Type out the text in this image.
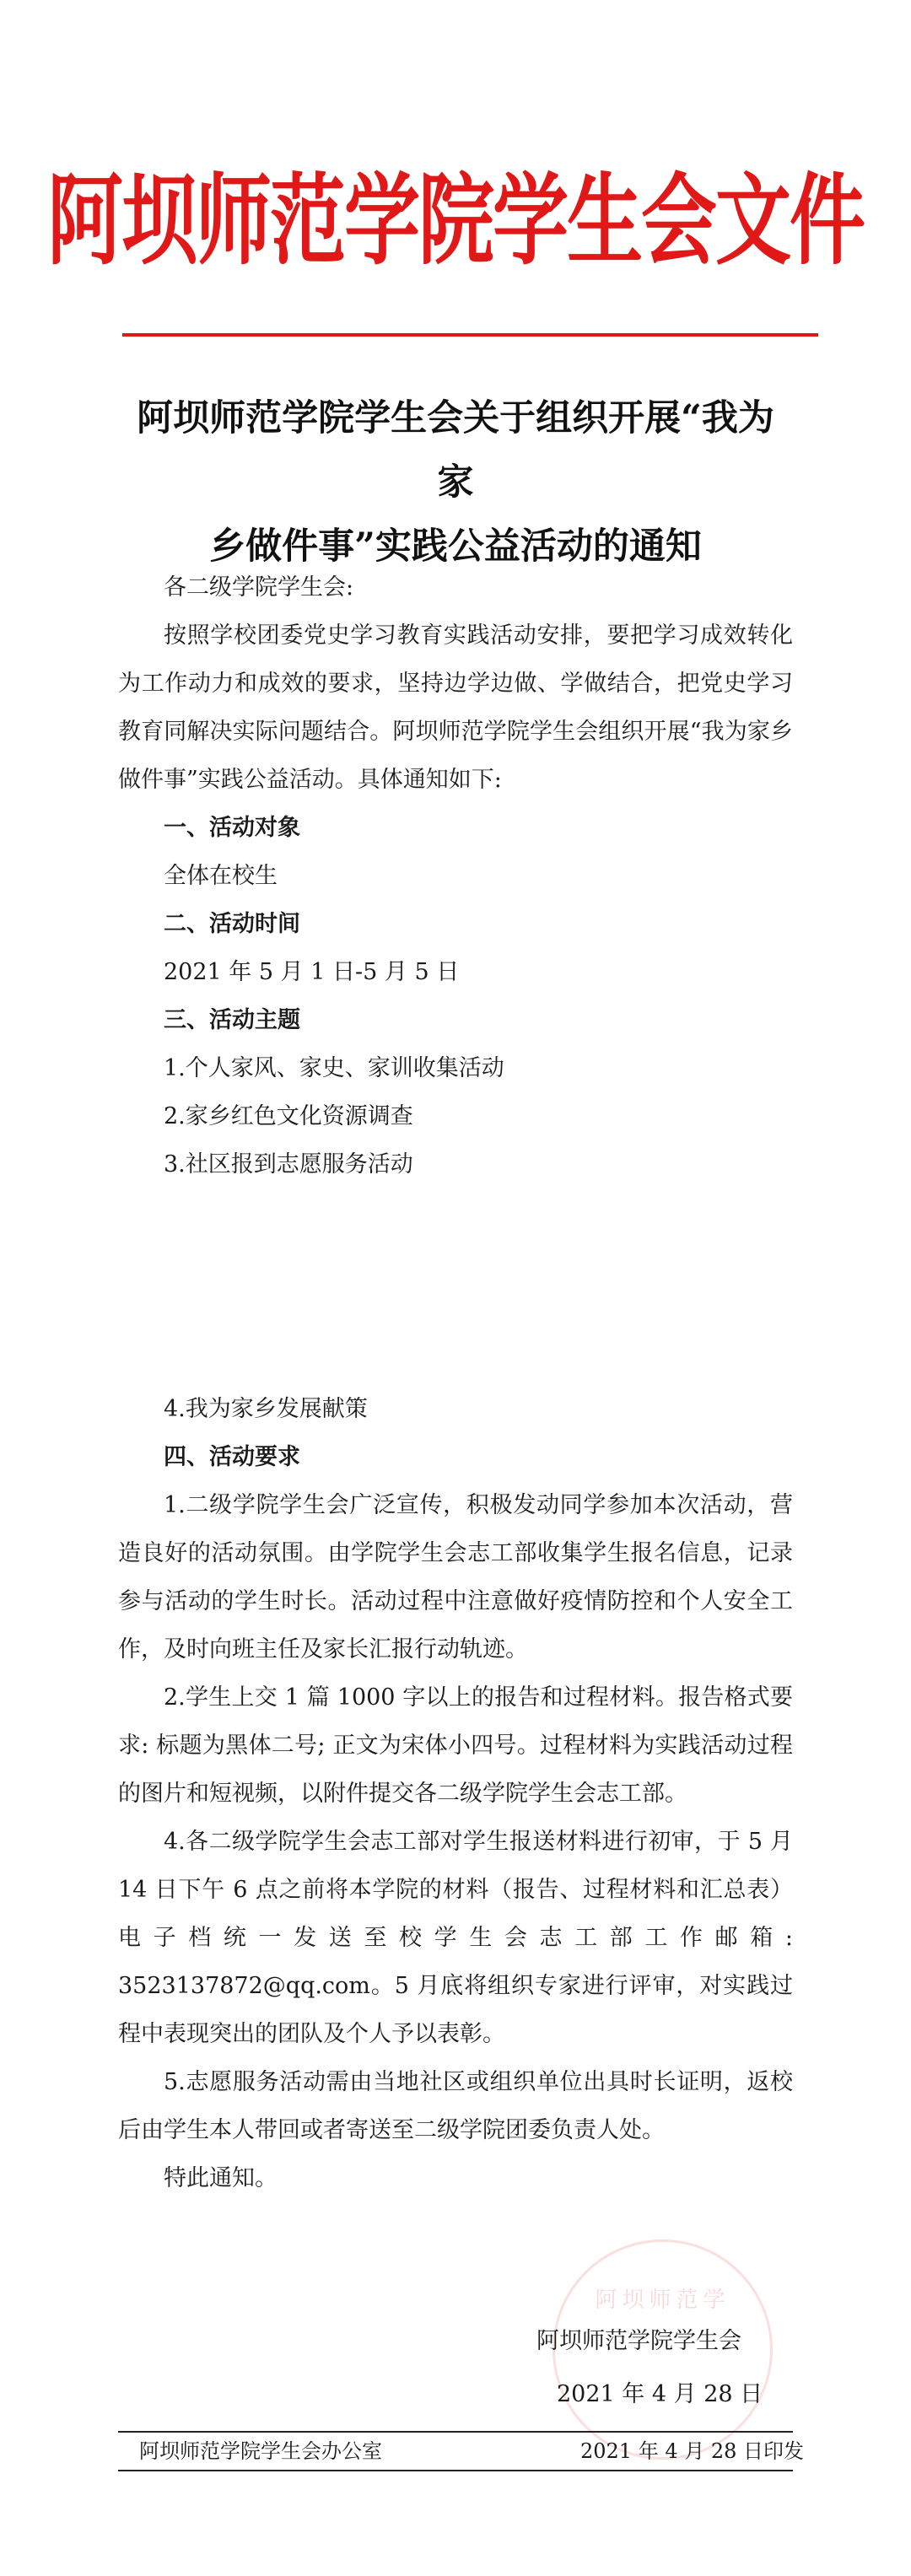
阿坝师范学院学生会文件
阿坝师范学院学生会关于组织开展“我为家
乡做件事”实践公益活动的通知

各二级学院学生会:

按照学校团委党史学习教育实践活动安排，要把学习成效转化为工作动力和成效的要求，坚持边学边做、学做结合，把党史学习教育同解决实际问题结合。阿坝师范学院学生会组织开展“我为家乡做件事”实践公益活动。具体通知如下:

一、活动对象

全体在校生

二、活动时间

2021 年 5 月 1 日-5 月 5 日

三、活动主题

1.个人家风、家史、家训收集活动

2.家乡红色文化资源调查

3.社区报到志愿服务活动

4.我为家乡发展献策

四、活动要求

1.二级学院学生会广泛宣传，积极发动同学参加本次活动，营造良好的活动氛围。由学院学生会志工部收集学生报名信息，记录参与活动的学生时长。活动过程中注意做好疫情防控和个人安全工作，及时向班主任及家长汇报行动轨迹。

2.学生上交 1 篇 1000 字以上的报告和过程材料。报告格式要求: 标题为黑体二号; 正文为宋体小四号。过程材料为实践活动过程的图片和短视频，以附件提交各二级学院学生会志工部。

4.各二级学院学生会志工部对学生报送材料进行初审，于 5 月 14 日下午 6 点之前将本学院的材料（报告、过程材料和汇总表）电子档统一发送至校学生会志工部工作邮箱: 3523137872@qq.com。5 月底将组织专家进行评审，对实践过程中表现突出的团队及个人予以表彰。

5.志愿服务活动需由当地社区或组织单位出具时长证明，返校后由学生本人带回或者寄送至二级学院团委负责人处。

特此通知。

阿坝师范学
阿坝师范学院学生会
2021 年 4 月 28 日
阿坝师范学院学生会办公室	2021 年 4 月 28 日印发
